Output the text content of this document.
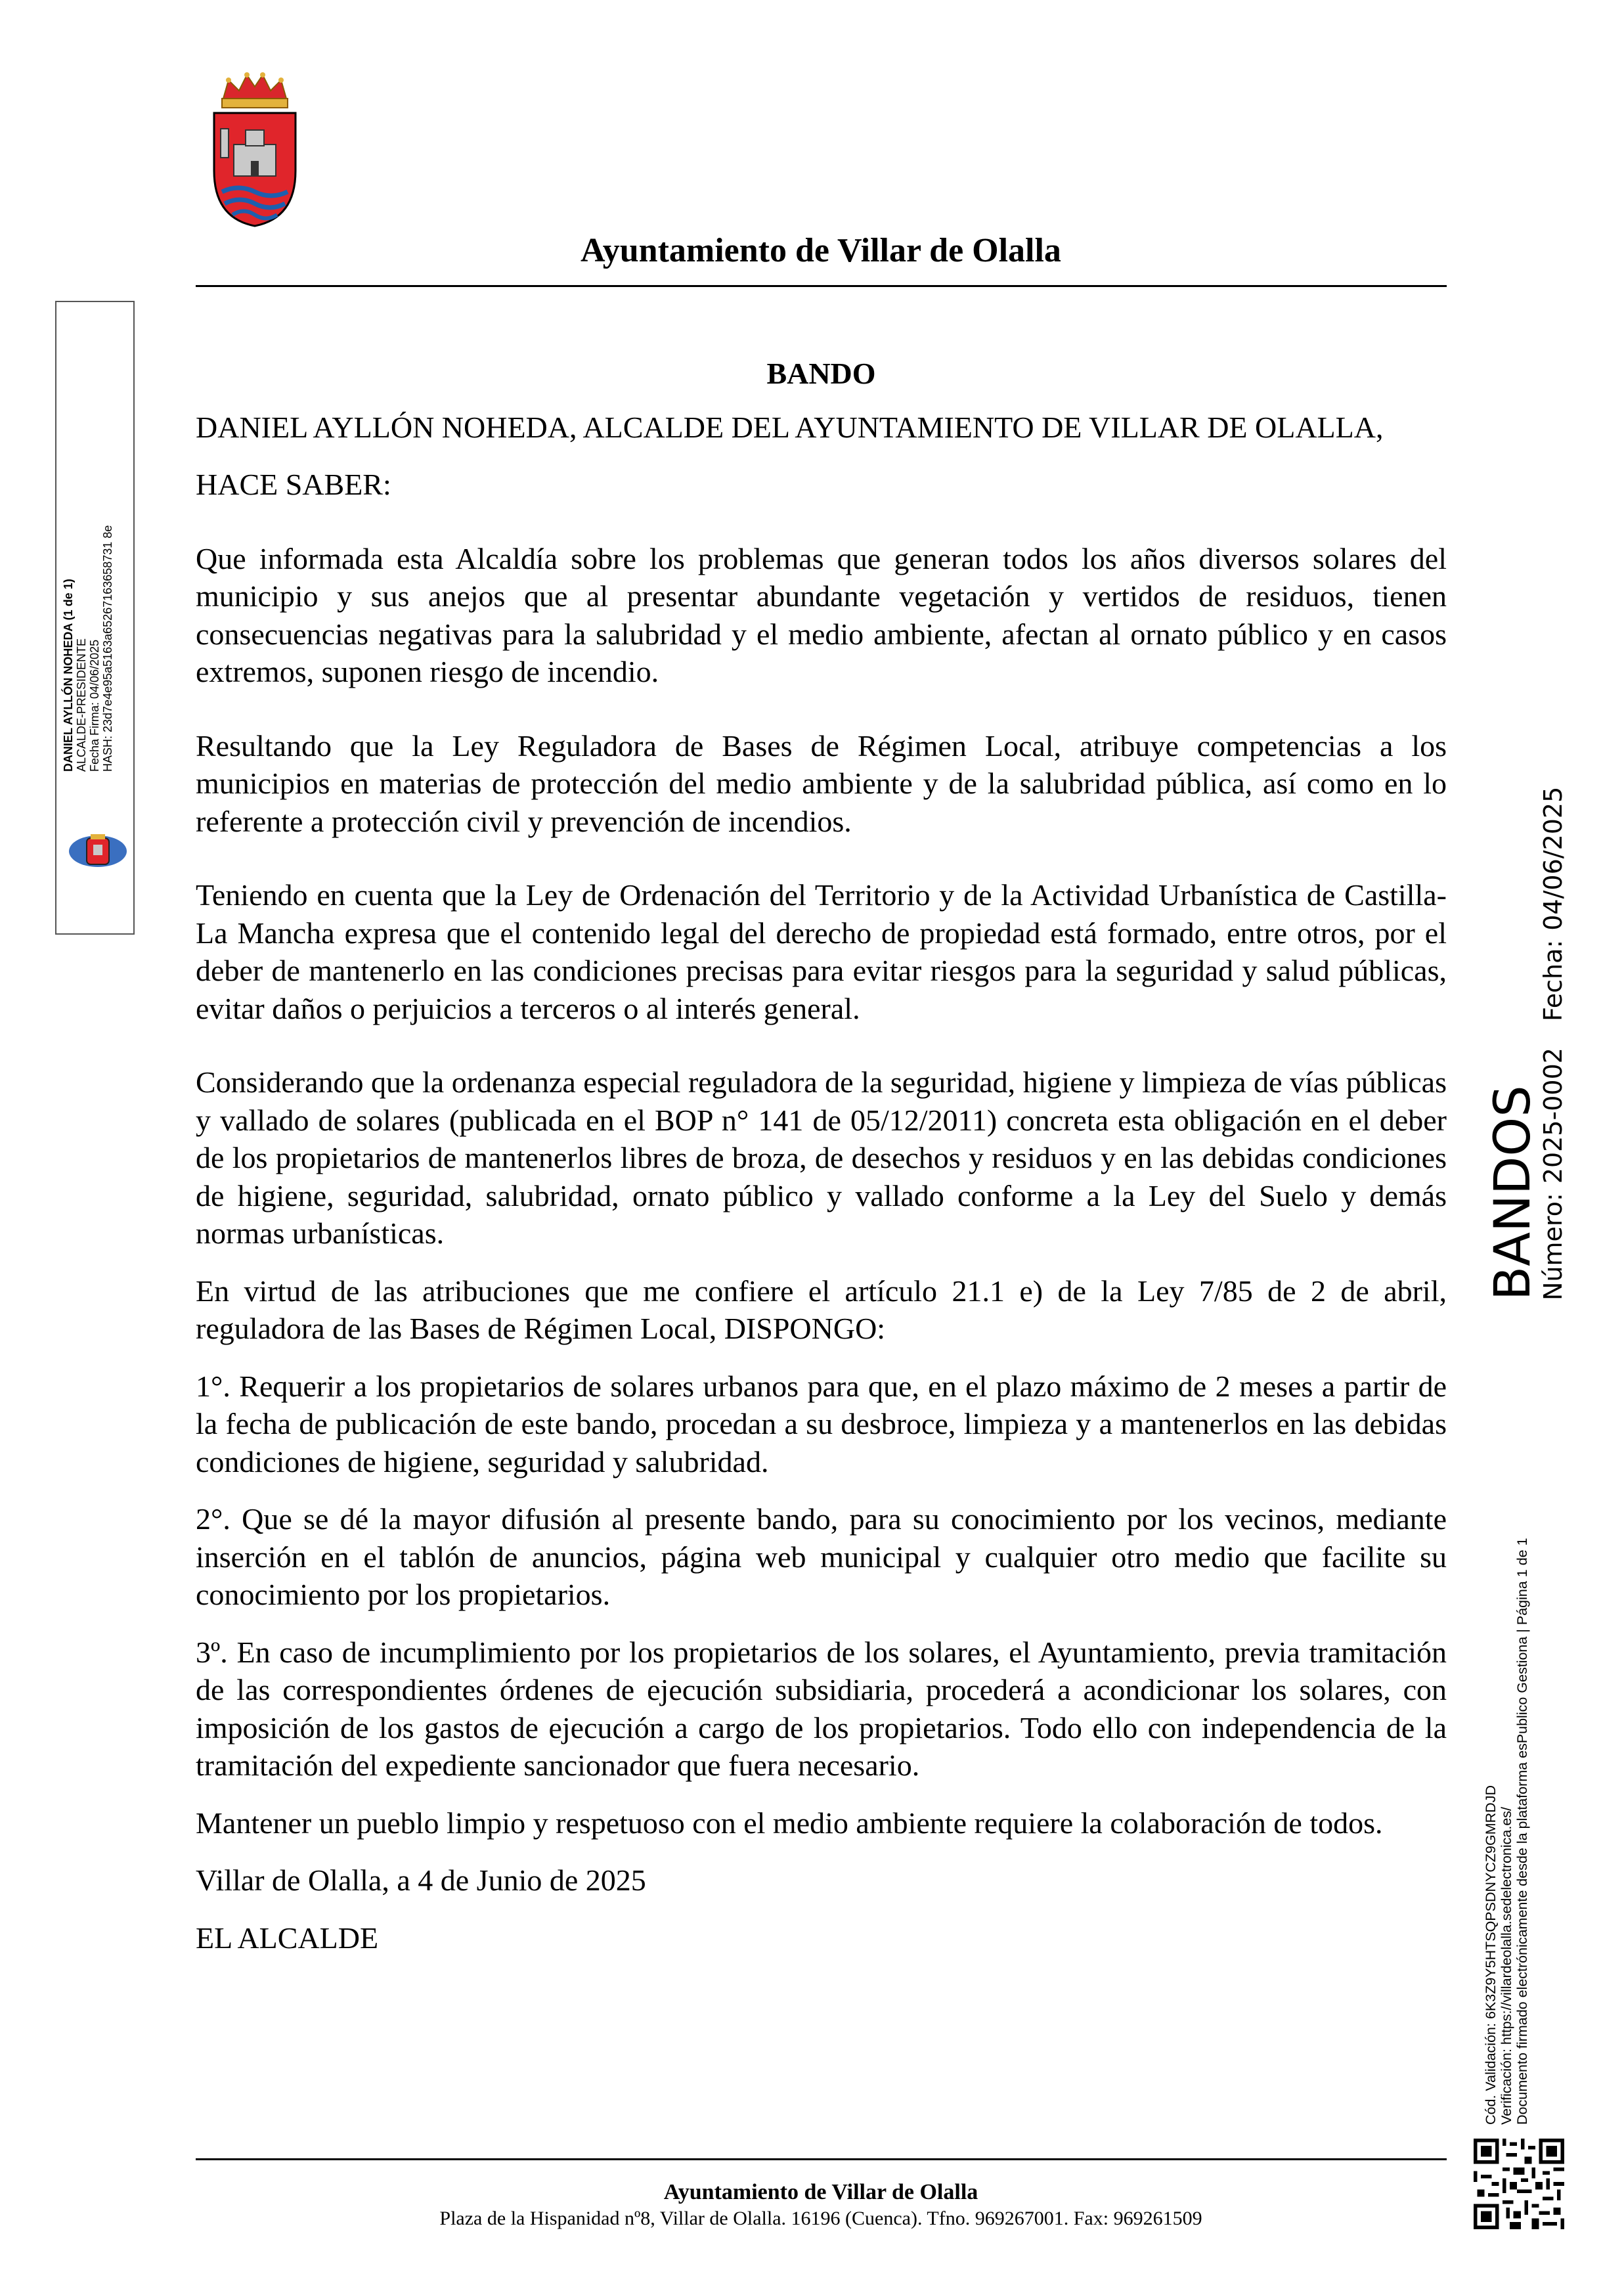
Ayuntamiento de Villar de Olalla

BANDO

DANIEL AYLLÓN NOHEDA, ALCALDE DEL AYUNTAMIENTO DE VILLAR DE OLALLA,

HACE SABER:

Que informada esta Alcaldía sobre los problemas que generan todos los años diversos solares del municipio y sus anejos que al presentar abundante vegetación y vertidos de residuos, tienen consecuencias negativas para la salubridad y el medio ambiente, afectan al ornato público y en casos extremos, suponen riesgo de incendio.

Resultando que la Ley Reguladora de Bases de Régimen Local, atribuye competencias a los municipios en materias de protección del medio ambiente y de la salubridad pública, así como en lo referente a protección civil y prevención de incendios.

Teniendo en cuenta que la Ley de Ordenación del Territorio y de la Actividad Urbanística de Castilla-La Mancha expresa que el contenido legal del derecho de propiedad está formado, entre otros, por el deber de mantenerlo en las condiciones precisas para evitar riesgos para la seguridad y salud públicas, evitar daños o perjuicios a terceros o al interés general.

Considerando que la ordenanza especial reguladora de la seguridad, higiene y limpieza de vías públicas y vallado de solares (publicada en el BOP n° 141 de 05/12/2011) concreta esta obligación en el deber de los propietarios de mantenerlos libres de broza, de desechos y residuos y en las debidas condiciones de higiene, seguridad, salubridad, ornato público y vallado conforme a la Ley del Suelo y demás normas urbanísticas.

En virtud de las atribuciones que me confiere el artículo 21.1 e) de la Ley 7/85 de 2 de abril, reguladora de las Bases de Régimen Local, DISPONGO:

1°. Requerir a los propietarios de solares urbanos para que, en el plazo máximo de 2 meses a partir de la fecha de publicación de este bando, procedan a su desbroce, limpieza y a mantenerlos en las debidas condiciones de higiene, seguridad y salubridad.

2°. Que se dé la mayor difusión al presente bando, para su conocimiento por los vecinos, mediante inserción en el tablón de anuncios, página web municipal y cualquier otro medio que facilite su conocimiento por los propietarios.

3º. En caso de incumplimiento por los propietarios de los solares, el Ayuntamiento, previa tramitación de las correspondientes órdenes de ejecución subsidiaria, procederá a acondicionar los solares, con imposición de los gastos de ejecución a cargo de los propietarios. Todo ello con independencia de la tramitación del expediente sancionador que fuera necesario.

Mantener un pueblo limpio y respetuoso con el medio ambiente requiere la colaboración de todos.

Villar de Olalla, a 4 de Junio de 2025

EL ALCALDE

Ayuntamiento de Villar de Olalla
Plaza de la Hispanidad nº8, Villar de Olalla. 16196 (Cuenca). Tfno. 969267001. Fax: 969261509
DANIEL AYLLÓN NOHEDA (1 de 1) ALCALDE-PRESIDENTE Fecha Firma: 04/06/2025 HASH: 23d7e4e95a5163a65267163658731 8e
BANDOS
Número: 2025-0002Fecha: 04/06/2025
Cód. Validación: 6K3Z9Y5HTSQPSDNYCZ9GMRDJD Verificación: https://villardeolalla.sedelectronica.es/ Documento firmado electrónicamente desde la plataforma esPublico Gestiona | Página 1 de 1
